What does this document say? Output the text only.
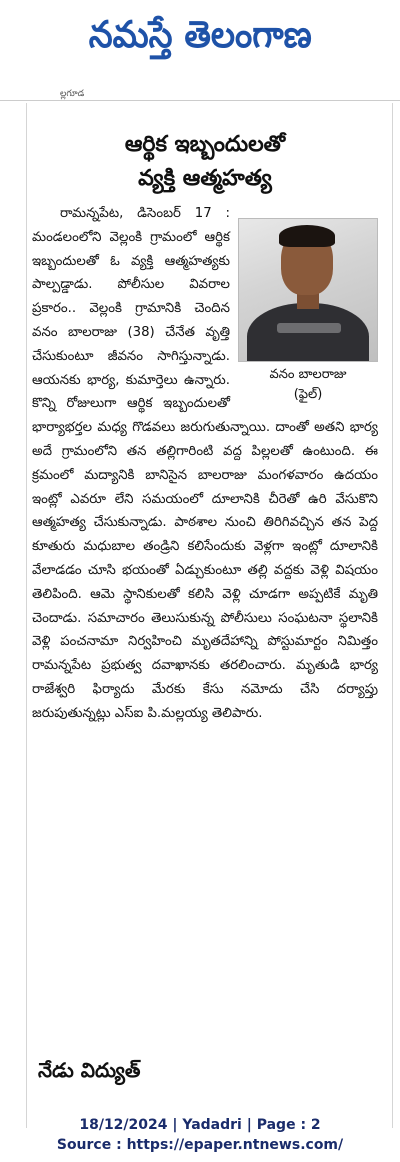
నమస్తే తెలంగాణ
ల్లగూడ
ఆర్థిక ఇబ్బందులతో
వ్యక్తి ఆత్మహత్య
వనం బాలరాజు
(ఫైల్)

రామన్నపేట, డిసెంబర్ 17 : మండలంలోని వెల్లంకి గ్రామంలో ఆర్థిక ఇబ్బందులతో ఓ వ్యక్తి ఆత్మహత్యకు పాల్పడ్డాడు. పోలీసుల వివరాల ప్రకారం.. వెల్లంకి గ్రామానికి చెందిన వనం బాలరాజు (38) చేనేత వృత్తి చేసుకుంటూ జీవనం సాగిస్తున్నాడు. ఆయనకు భార్య, కుమార్తెలు ఉన్నారు. కొన్ని రోజులుగా ఆర్థిక ఇబ్బందులతో భార్యాభర్తల మధ్య గొడవలు జరుగుతున్నాయి. దాంతో అతని భార్య అదే గ్రామంలోని తన తల్లిగారింటి వద్ద పిల్లలతో ఉంటుంది. ఈ క్రమంలో మద్యానికి బానిసైన బాలరాజు మంగళవారం ఉదయం ఇంట్లో ఎవరూ లేని సమయంలో దూలానికి చీరెతో ఉరి వేసుకొని ఆత్మహత్య చేసుకున్నాడు. పాఠశాల నుంచి తిరిగివచ్చిన తన పెద్ద కూతురు మధుబాల తండ్రిని కలిసేందుకు వెళ్లగా ఇంట్లో దూలానికి వేలాడడం చూసి భయంతో ఏడ్చుకుంటూ తల్లి వద్దకు వెళ్లి విషయం తెలిపింది. ఆమె స్థానికులతో కలిసి వెళ్లి చూడగా అప్పటికే మృతి చెందాడు. సమాచారం తెలుసుకున్న పోలీసులు సంఘటనా స్థలానికి వెళ్లి పంచనామా నిర్వహించి మృతదేహాన్ని పోస్టుమార్టం నిమిత్తం రామన్నపేట ప్రభుత్వ దవాఖానకు తరలించారు. మృతుడి భార్య రాజేశ్వరి ఫిర్యాదు మేరకు కేసు నమోదు చేసి దర్యాప్తు జరుపుతున్నట్లు ఎస్ఐ పి.మల్లయ్య తెలిపారు.

నేడు విద్యుత్
18/12/2024 | Yadadri | Page : 2
Source : https://epaper.ntnews.com/
